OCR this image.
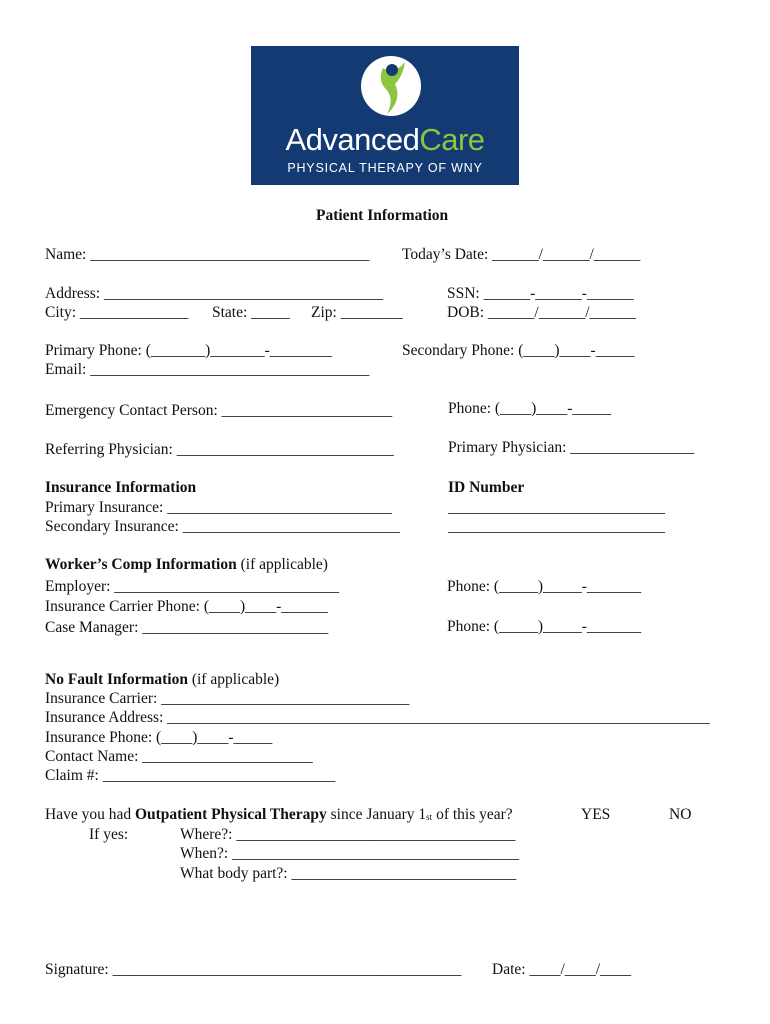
AdvancedCare
PHYSICAL THERAPY OF WNY
Patient Information
Name: ____________________________________ Today’s Date: ______/______/______
Address: ____________________________________	SSN: ______-______-______
City: ______________ State: _____ Zip: ________	DOB: ______/______/______
Primary Phone: (_______)_______-________	Secondary Phone: (____)____-_____
Email: ____________________________________
Emergency Contact Person: ______________________	Phone: (____)____-_____
Referring Physician: ____________________________	Primary Physician: ________________
Insurance Information	ID Number
Primary Insurance: _____________________________	____________________________
Secondary Insurance: ____________________________	____________________________
Worker’s Comp Information (if applicable)
Employer: _____________________________	Phone: (_____)_____-_______
Insurance Carrier Phone: (____)____-______
Case Manager: ________________________	Phone: (_____)_____-_______
No Fault Information (if applicable)
Insurance Carrier: ________________________________
Insurance Address: ______________________________________________________________________
Insurance Phone: (____)____-_____
Contact Name: ______________________
Claim #: ______________________________
Have you had Outpatient Physical Therapy since January 1st of this year?	YES	NO
If yes:	Where?: ____________________________________
When?: _____________________________________
What body part?: _____________________________
Signature: _____________________________________________ Date: ____/____/____
